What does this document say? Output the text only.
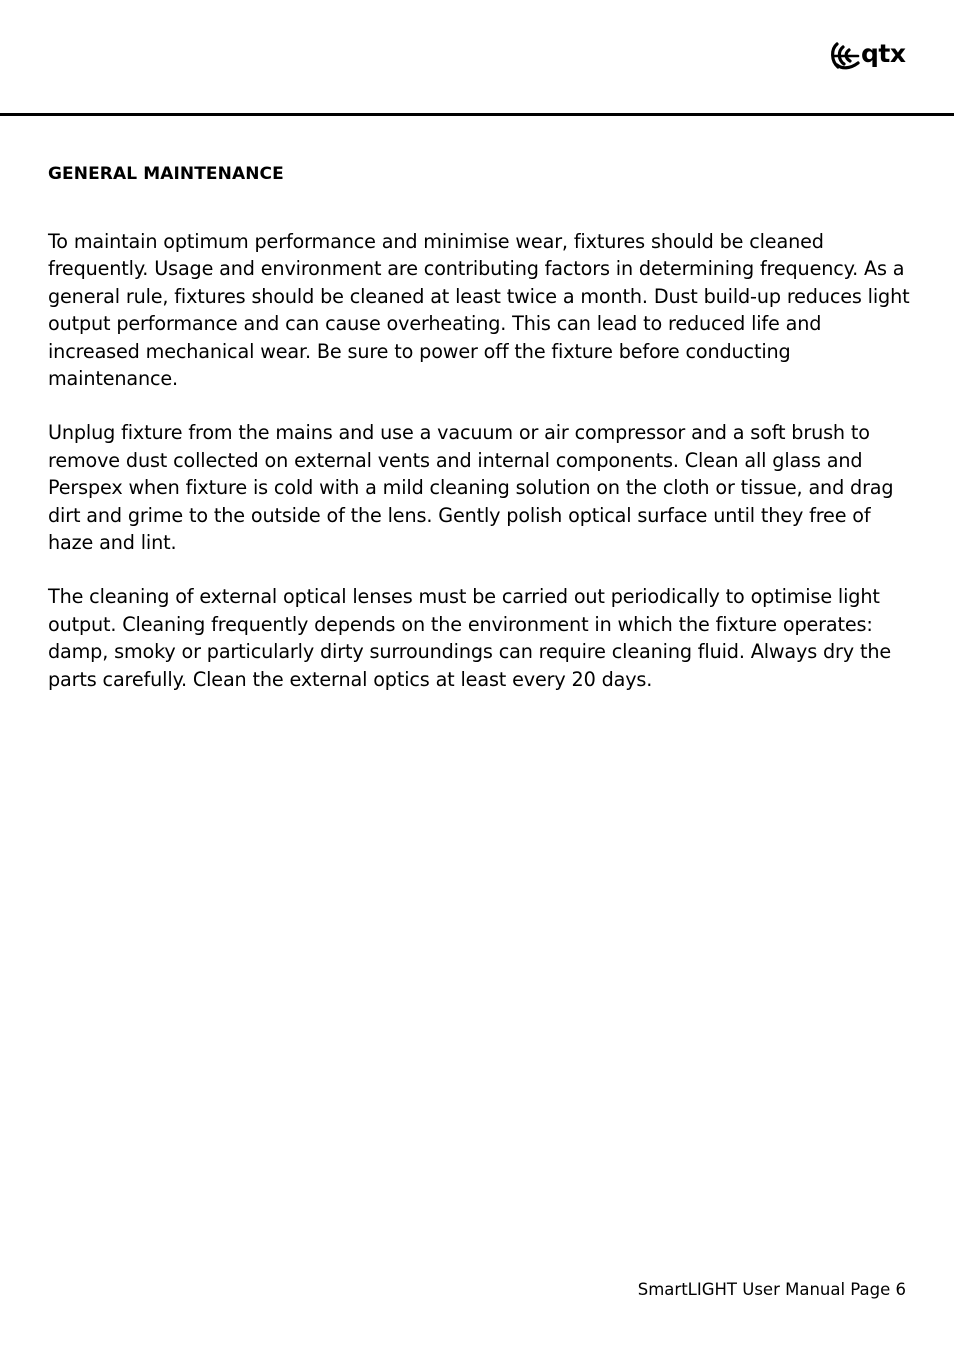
qtx
GENERAL MAINTENANCE

To maintain optimum performance and minimise wear, fixtures should be cleaned frequently. Usage and environment are contributing factors in determining frequency. As a general rule, fixtures should be cleaned at least twice a month. Dust build-up reduces light output performance and can cause overheating. This can lead to reduced life and increased mechanical wear. Be sure to power off the fixture before conducting maintenance.

Unplug fixture from the mains and use a vacuum or air compressor and a soft brush to remove dust collected on external vents and internal components. Clean all glass and Perspex when fixture is cold with a mild cleaning solution on the cloth or tissue, and drag dirt and grime to the outside of the lens. Gently polish optical surface until they free of haze and lint.

The cleaning of external optical lenses must be carried out periodically to optimise light output. Cleaning frequently depends on the environment in which the fixture operates: damp, smoky or particularly dirty surroundings can require cleaning fluid. Always dry the parts carefully. Clean the external optics at least every 20 days.

SmartLIGHT User Manual Page 6
